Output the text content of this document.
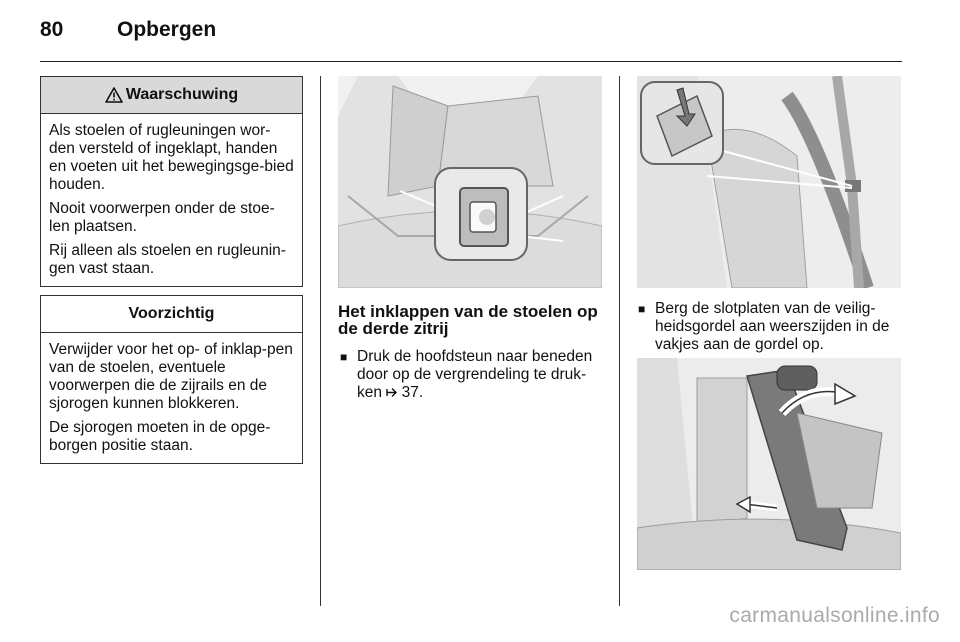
80	Opbergen
Waarschuwing

Als stoelen of rugleuningen wor-den versteld of ingeklapt, handen en voeten uit het bewegingsge-bied houden.

Nooit voorwerpen onder de stoe-len plaatsen.

Rij alleen als stoelen en rugleunin-gen vast staan.

Voorzichtig

Verwijder voor het op- of inklap-pen van de stoelen, eventuele voorwerpen die de zijrails en de sjorogen kunnen blokkeren.

De sjorogen moeten in de opge-borgen positie staan.

Het inklappen van de stoelen op de derde zitrij
■ Druk de hoofdsteun naar beneden door op de vergrendeling te druk-ken 37.
■ Berg de slotplaten van de veilig-heidsgordel aan weerszijden in de vakjes aan de gordel op.
carmanualsonline.info
